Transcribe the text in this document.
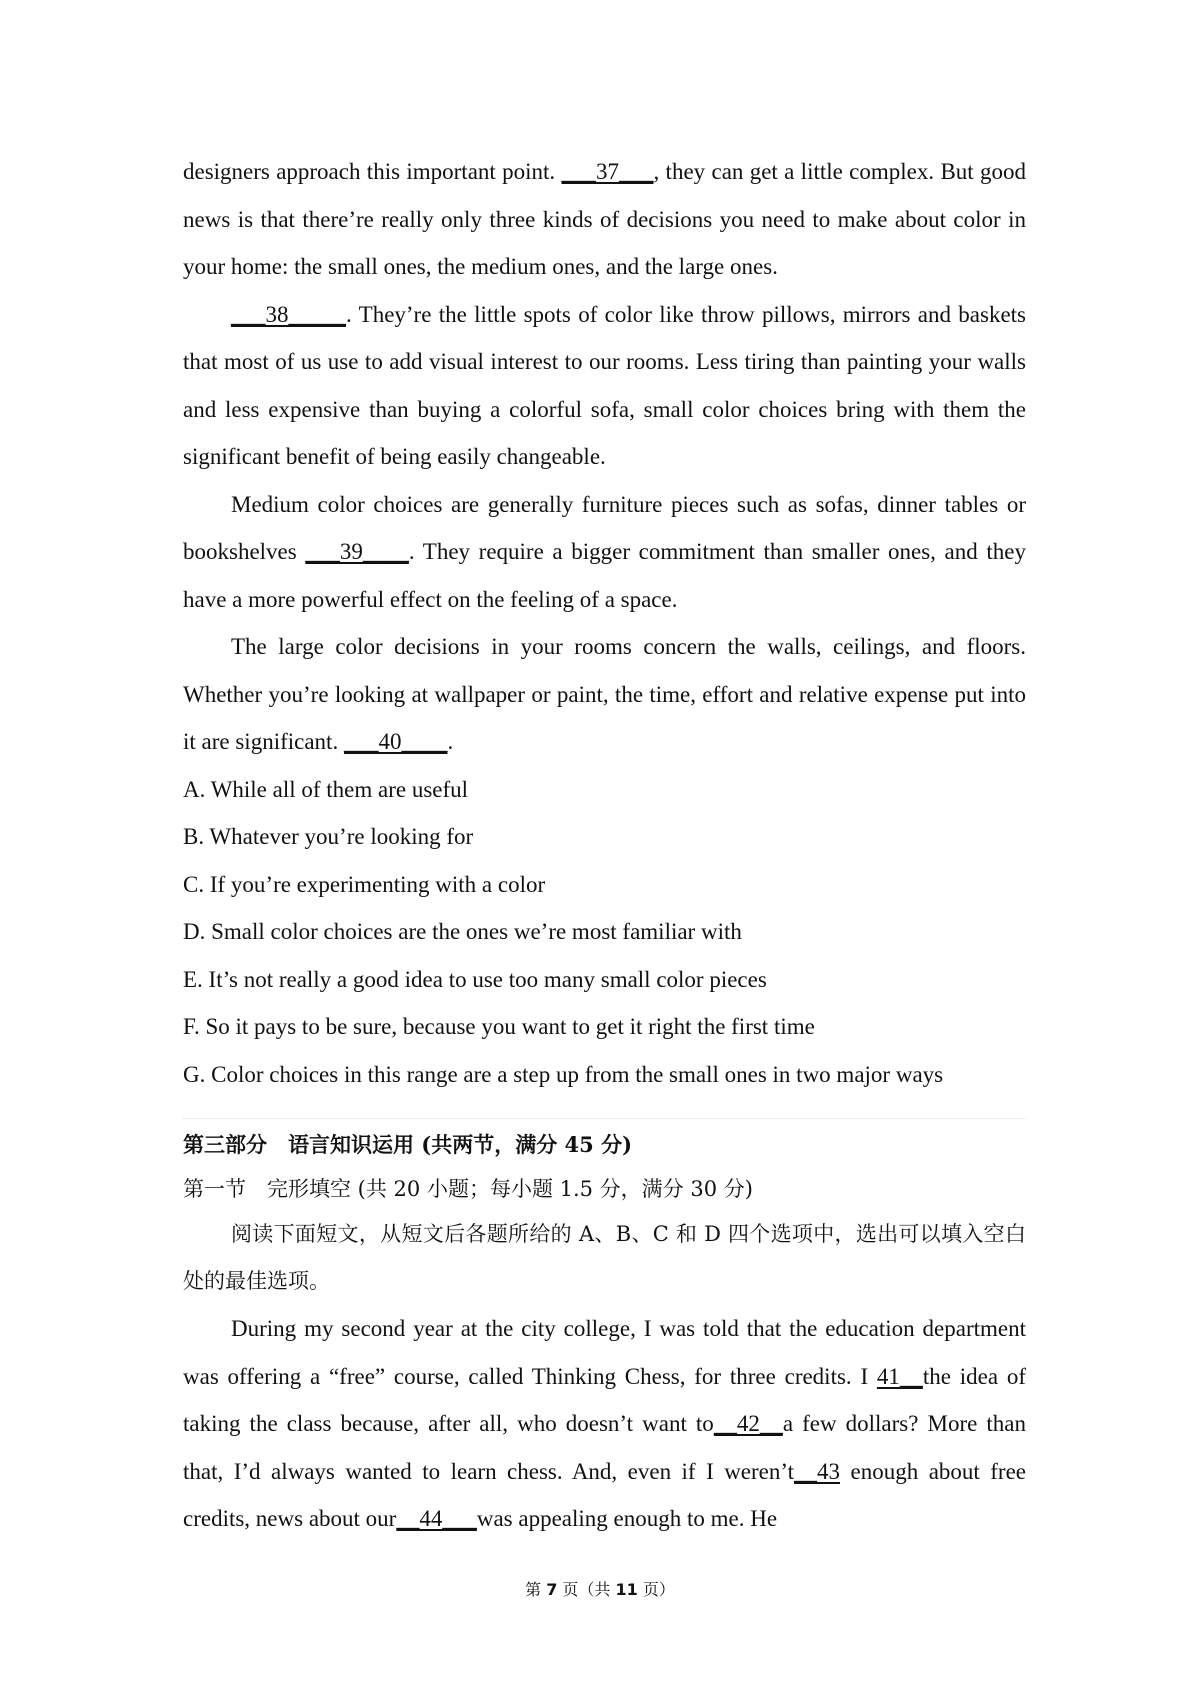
designers approach this important point. ___37___, they can get a little complex. But good news is that there’re really only three kinds of decisions you need to make about color in your home: the small ones, the medium ones, and the large ones.

___38_____. They’re the little spots of color like throw pillows, mirrors and baskets that most of us use to add visual interest to our rooms. Less tiring than painting your walls and less expensive than buying a colorful sofa, small color choices bring with them the significant benefit of being easily changeable.

Medium color choices are generally furniture pieces such as sofas, dinner tables or bookshelves ___39____. They require a bigger commitment than smaller ones, and they have a more powerful effect on the feeling of a space.

The large color decisions in your rooms concern the walls, ceilings, and floors. Whether you’re looking at wallpaper or paint, the time, effort and relative expense put into it are significant. ___40____.

A. While all of them are useful

B. Whatever you’re looking for

C. If you’re experimenting with a color

D. Small color choices are the ones we’re most familiar with

E. It’s not really a good idea to use too many small color pieces

F. So it pays to be sure, because you want to get it right the first time

G. Color choices in this range are a step up from the small ones in two major ways

第三部分　语言知识运用 (共两节，满分 45 分)

第一节　完形填空 (共 20 小题；每小题 1.5 分，满分 30 分)

阅读下面短文，从短文后各题所给的 A、B、C 和 D 四个选项中，选出可以填入空白处的最佳选项。

During my second year at the city college, I was told that the education department was offering a “free” course, called Thinking Chess, for three credits. I 41__the idea of taking the class because, after all, who doesn’t want to__42__a few dollars? More than that, I’d always wanted to learn chess. And, even if I weren’t__43 enough about free credits, news about our__44___was appealing enough to me. He

第 7 页（共 11 页）
